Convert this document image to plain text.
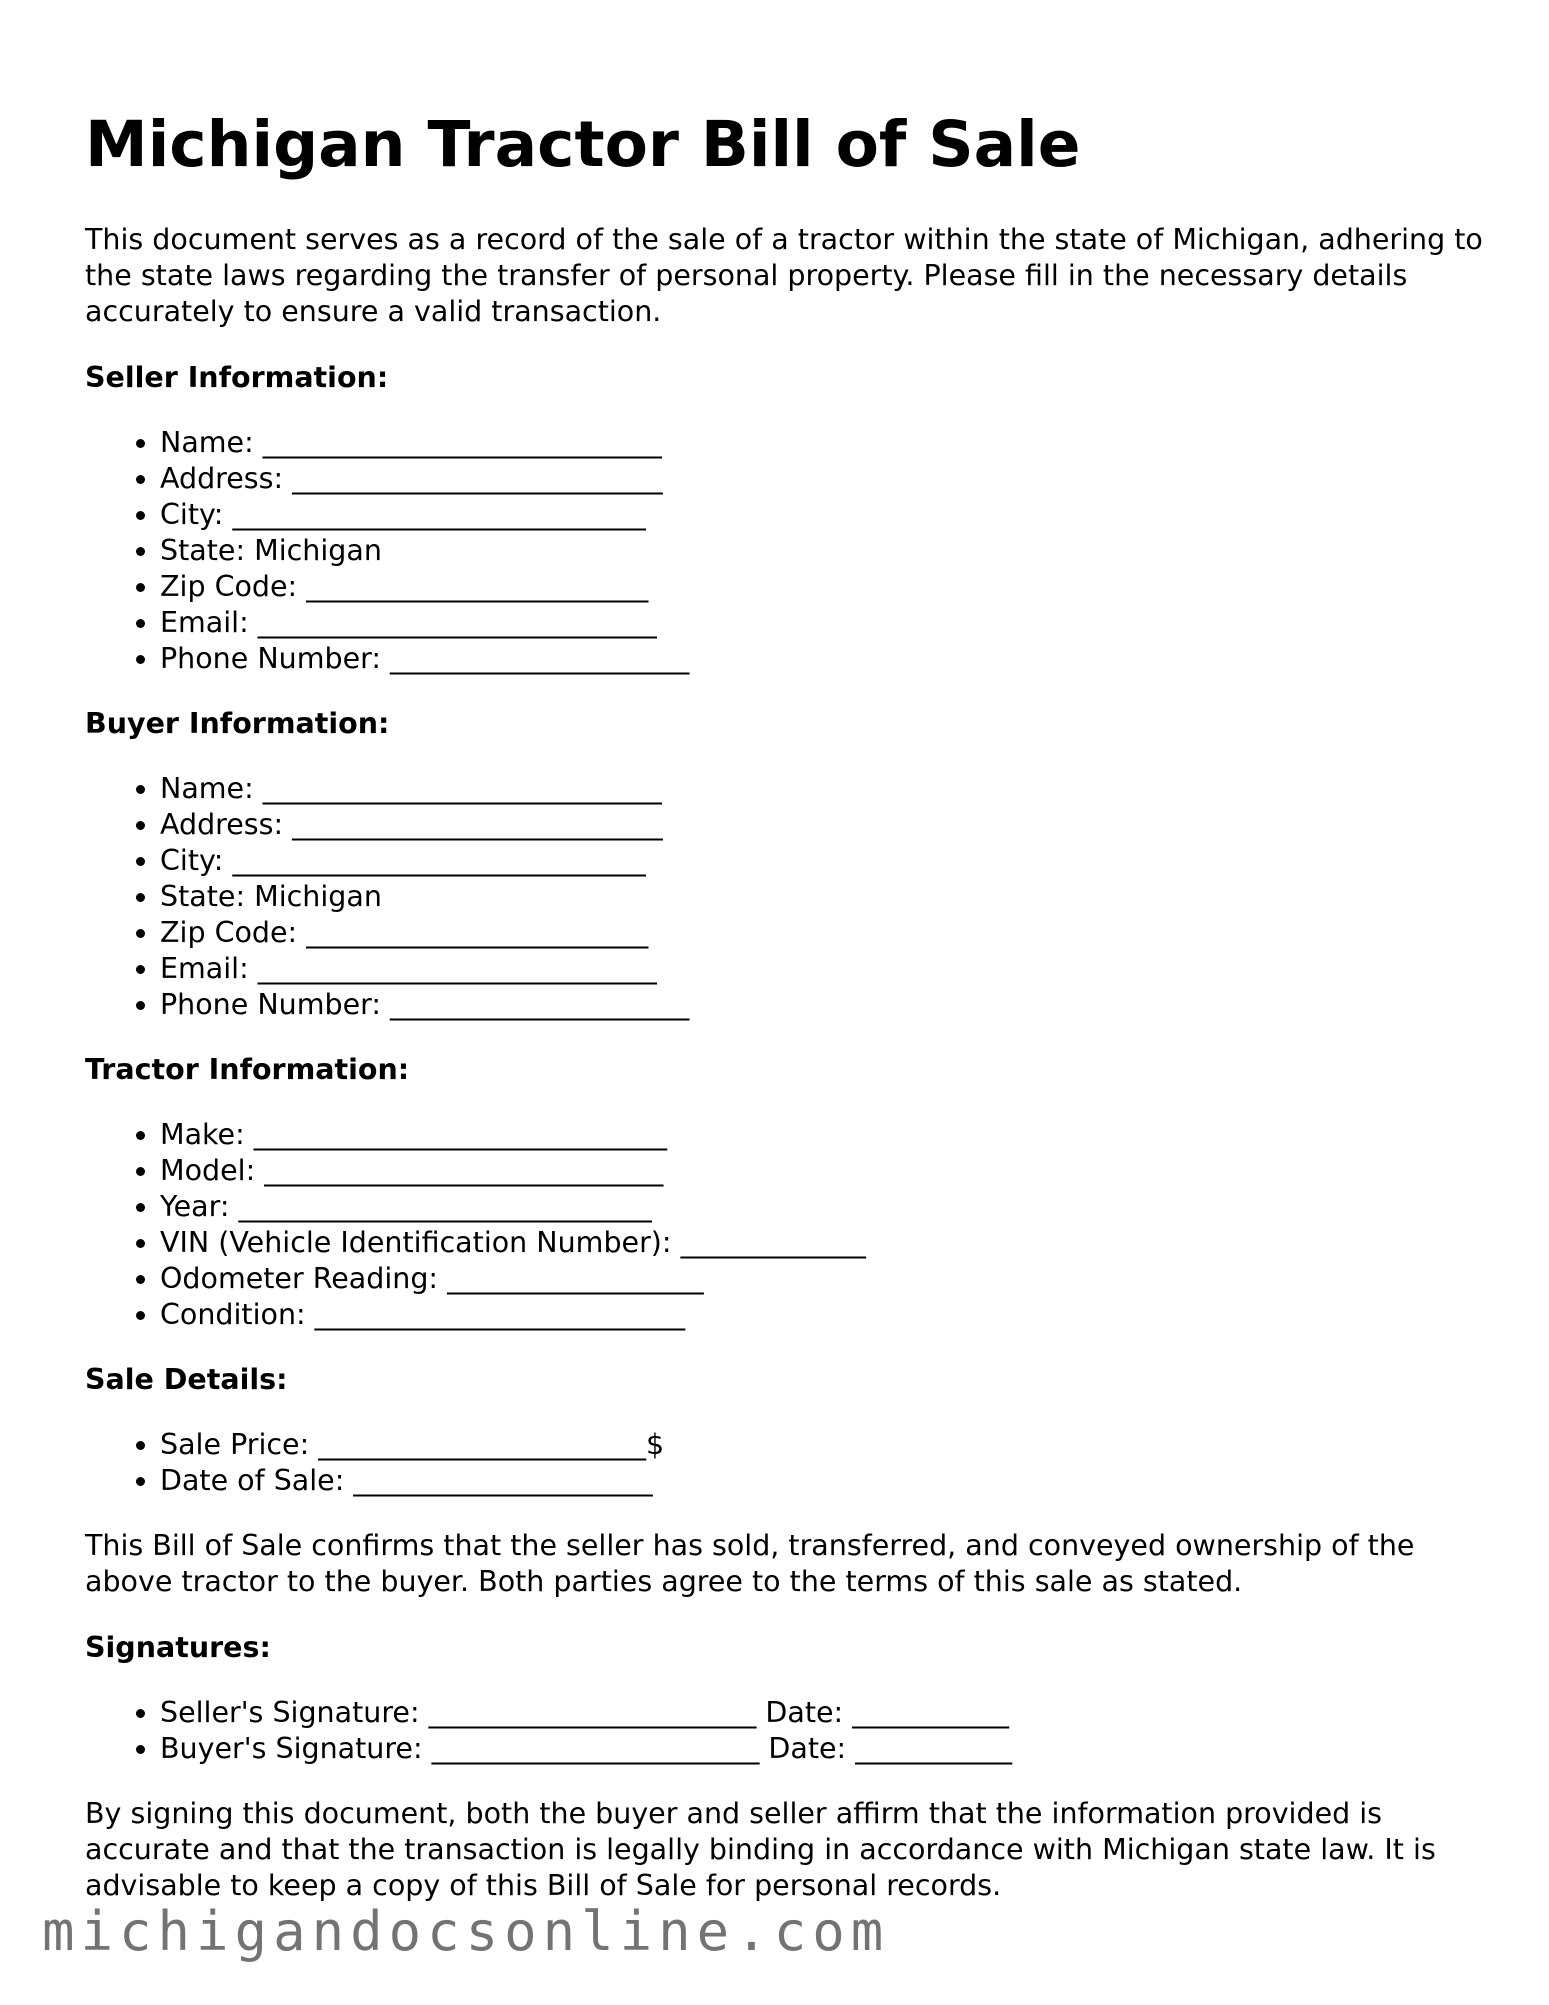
Michigan Tractor Bill of Sale

This document serves as a record of the sale of a tractor within the state of Michigan, adhering to the state laws regarding the transfer of personal property. Please fill in the necessary details accurately to ensure a valid transaction.

Seller Information:
• Name: ____________________________
• Address: __________________________
• City: _____________________________
• State: Michigan
• Zip Code: ________________________
• Email: ____________________________
• Phone Number: _____________________
Buyer Information:
• Name: ____________________________
• Address: __________________________
• City: _____________________________
• State: Michigan
• Zip Code: ________________________
• Email: ____________________________
• Phone Number: _____________________
Tractor Information:
• Make: _____________________________
• Model: ____________________________
• Year: _____________________________
• VIN (Vehicle Identification Number): _____________
• Odometer Reading: __________________
• Condition: __________________________
Sale Details:
• Sale Price: _______________________$
• Date of Sale: _____________________

This Bill of Sale confirms that the seller has sold, transferred, and conveyed ownership of the above tractor to the buyer. Both parties agree to the terms of this sale as stated.

Signatures:
• Seller's Signature: _______________________ Date: ___________
• Buyer's Signature: _______________________ Date: ___________

By signing this document, both the buyer and seller affirm that the information provided is accurate and that the transaction is legally binding in accordance with Michigan state law. It is advisable to keep a copy of this Bill of Sale for personal records.

michigandocsonline.com
